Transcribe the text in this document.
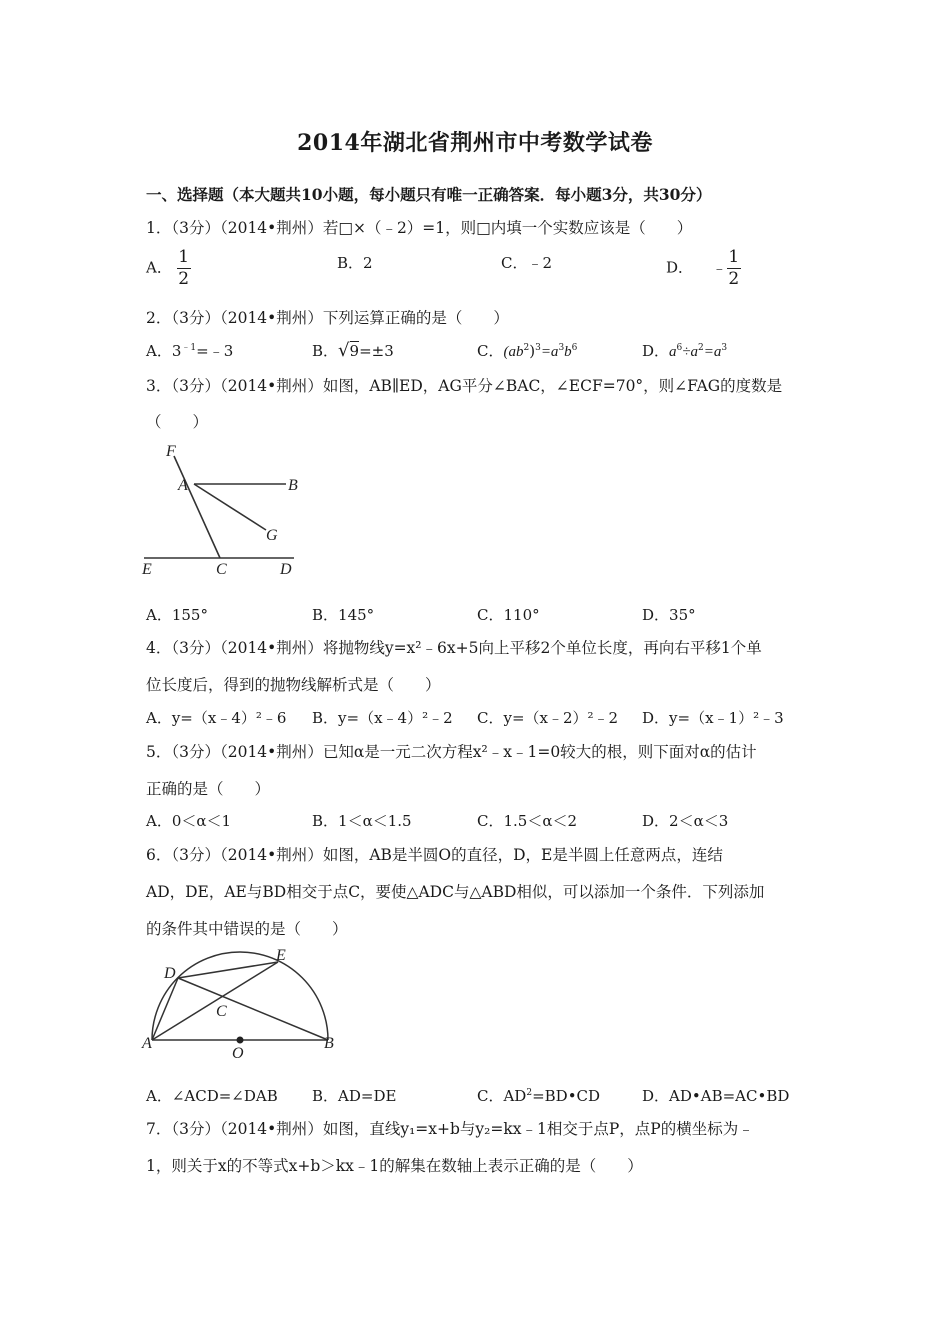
2014年湖北省荆州市中考数学试卷
一、选择题（本大题共10小题，每小题只有唯一正确答案．每小题3分，共30分）
1．（3分）（2014•荆州）若□×（﹣2）=1，则□内填一个实数应该是（　　）
A． $\frac{1}{2}$	B．2	C．﹣2	D． ﹣ $\frac{1}{2}$
2．（3分）（2014•荆州）下列运算正确的是（　　）
A．$3^{﹣1}=﹣3$	B．√9=±3	C．$(ab^2)^3=a^3b^6$	D．$a^6\div a^2=a^3$
3．（3分）（2014•荆州）如图，AB∥ED，AG平分∠BAC，∠ECF=70°，则∠FAG的度数是
（　　）
F
A	B
G
E	C	D
A．155°	B．145°	C．110°	D．35°
4．（3分）（2014•荆州）将抛物线y=x²﹣6x+5向上平移2个单位长度，再向右平移1个单
位长度后，得到的抛物线解析式是（　　）
A．y=（x﹣4）²﹣6 B．y=（x﹣4）²﹣2 C．y=（x﹣2）²﹣2 D．y=（x﹣1）²﹣3
5．（3分）（2014•荆州）已知α是一元二次方程x²﹣x﹣1=0较大的根，则下面对α的估计
正确的是（　　）
A．0＜α＜1	B．1＜α＜1.5	C．1.5＜α＜2	D．2＜α＜3
6．（3分）（2014•荆州）如图，AB是半圆O的直径，D，E是半圆上任意两点，连结
AD，DE，AE与BD相交于点C，要使△ADC与△ABD相似，可以添加一个条件．下列添加
的条件其中错误的是（　　）
D
E
C
A
O
B
A．∠ACD=∠DAB B．AD=DE	C．$AD^2=BD•CD$	D．AD•AB=AC•BD
7．（3分）（2014•荆州）如图，直线y₁=x+b与y₂=kx﹣1相交于点P，点P的横坐标为﹣
1，则关于x的不等式x+b＞kx﹣1的解集在数轴上表示正确的是（　　）
